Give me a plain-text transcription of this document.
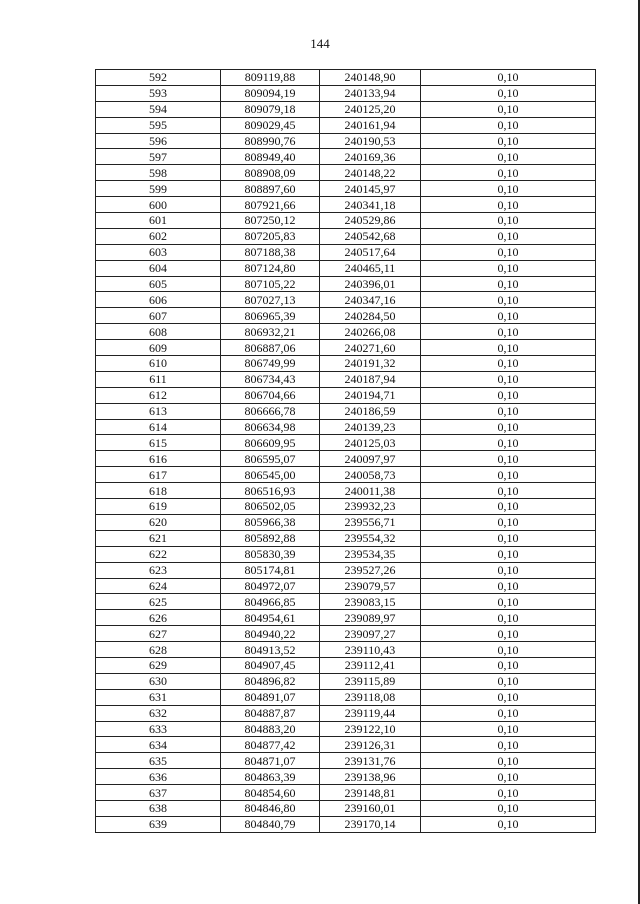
144
592	809119,88	240148,90	0,10
593	809094,19	240133,94	0,10
594	809079,18	240125,20	0,10
595	809029,45	240161,94	0,10
596	808990,76	240190,53	0,10
597	808949,40	240169,36	0,10
598	808908,09	240148,22	0,10
599	808897,60	240145,97	0,10
600	807921,66	240341,18	0,10
601	807250,12	240529,86	0,10
602	807205,83	240542,68	0,10
603	807188,38	240517,64	0,10
604	807124,80	240465,11	0,10
605	807105,22	240396,01	0,10
606	807027,13	240347,16	0,10
607	806965,39	240284,50	0,10
608	806932,21	240266,08	0,10
609	806887,06	240271,60	0,10
610	806749,99	240191,32	0,10
611	806734,43	240187,94	0,10
612	806704,66	240194,71	0,10
613	806666,78	240186,59	0,10
614	806634,98	240139,23	0,10
615	806609,95	240125,03	0,10
616	806595,07	240097,97	0,10
617	806545,00	240058,73	0,10
618	806516,93	240011,38	0,10
619	806502,05	239932,23	0,10
620	805966,38	239556,71	0,10
621	805892,88	239554,32	0,10
622	805830,39	239534,35	0,10
623	805174,81	239527,26	0,10
624	804972,07	239079,57	0,10
625	804966,85	239083,15	0,10
626	804954,61	239089,97	0,10
627	804940,22	239097,27	0,10
628	804913,52	239110,43	0,10
629	804907,45	239112,41	0,10
630	804896,82	239115,89	0,10
631	804891,07	239118,08	0,10
632	804887,87	239119,44	0,10
633	804883,20	239122,10	0,10
634	804877,42	239126,31	0,10
635	804871,07	239131,76	0,10
636	804863,39	239138,96	0,10
637	804854,60	239148,81	0,10
638	804846,80	239160,01	0,10
639	804840,79	239170,14	0,10
